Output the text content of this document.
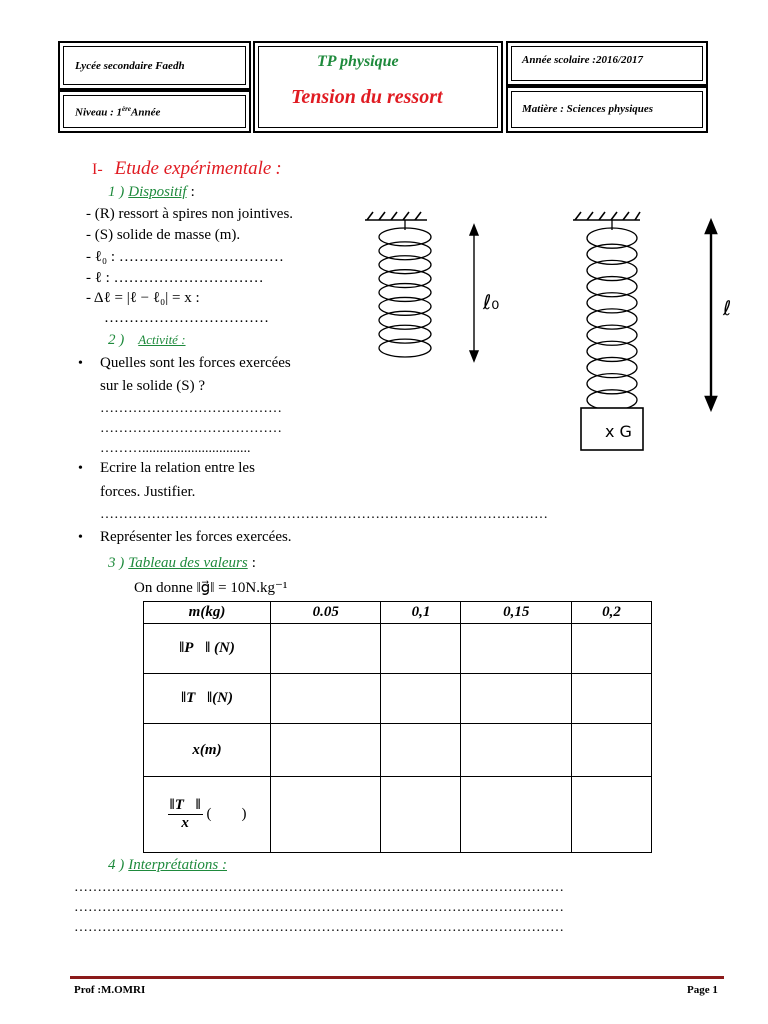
Lycée secondaire Faedh
Niveau : 1èreAnnée
TP physique
Tension du ressort
Année scolaire :2016/2017
Matière : Sciences physiques
I- Etude expérimentale :
1 ) Dispositif :
- (R) ressort à spires non jointives.
- (S) solide de masse (m).
- ℓ₀ : ……………………………
- ℓ : …………………………
- Δℓ = |ℓ − ℓ₀| = x :
……………………………
ℓ₀	ℓ
x G
2 ) Activité :
• Quelles sont les forces exercées
sur le solide (S) ?
…………………………………
…………………………………
………...............................
• Ecrire la relation entre les
forces. Justifier.
……………………………………………………………………………………
• Représenter les forces exercées.
3 ) Tableau des valeurs :
On donne ‖g⃗‖ = 10N.kg⁻¹
m(kg)	0.05	0,1	0,15	0,2
‖P⃗‖ (N)				
‖T⃗‖(N)				
x(m)				

$\frac{‖T⃗‖}{x}$ (        )				
4 ) Interprétations :
……………………………………………………………………………………………
……………………………………………………………………………………………
……………………………………………………………………………………………
Prof :M.OMRI	Page 1
